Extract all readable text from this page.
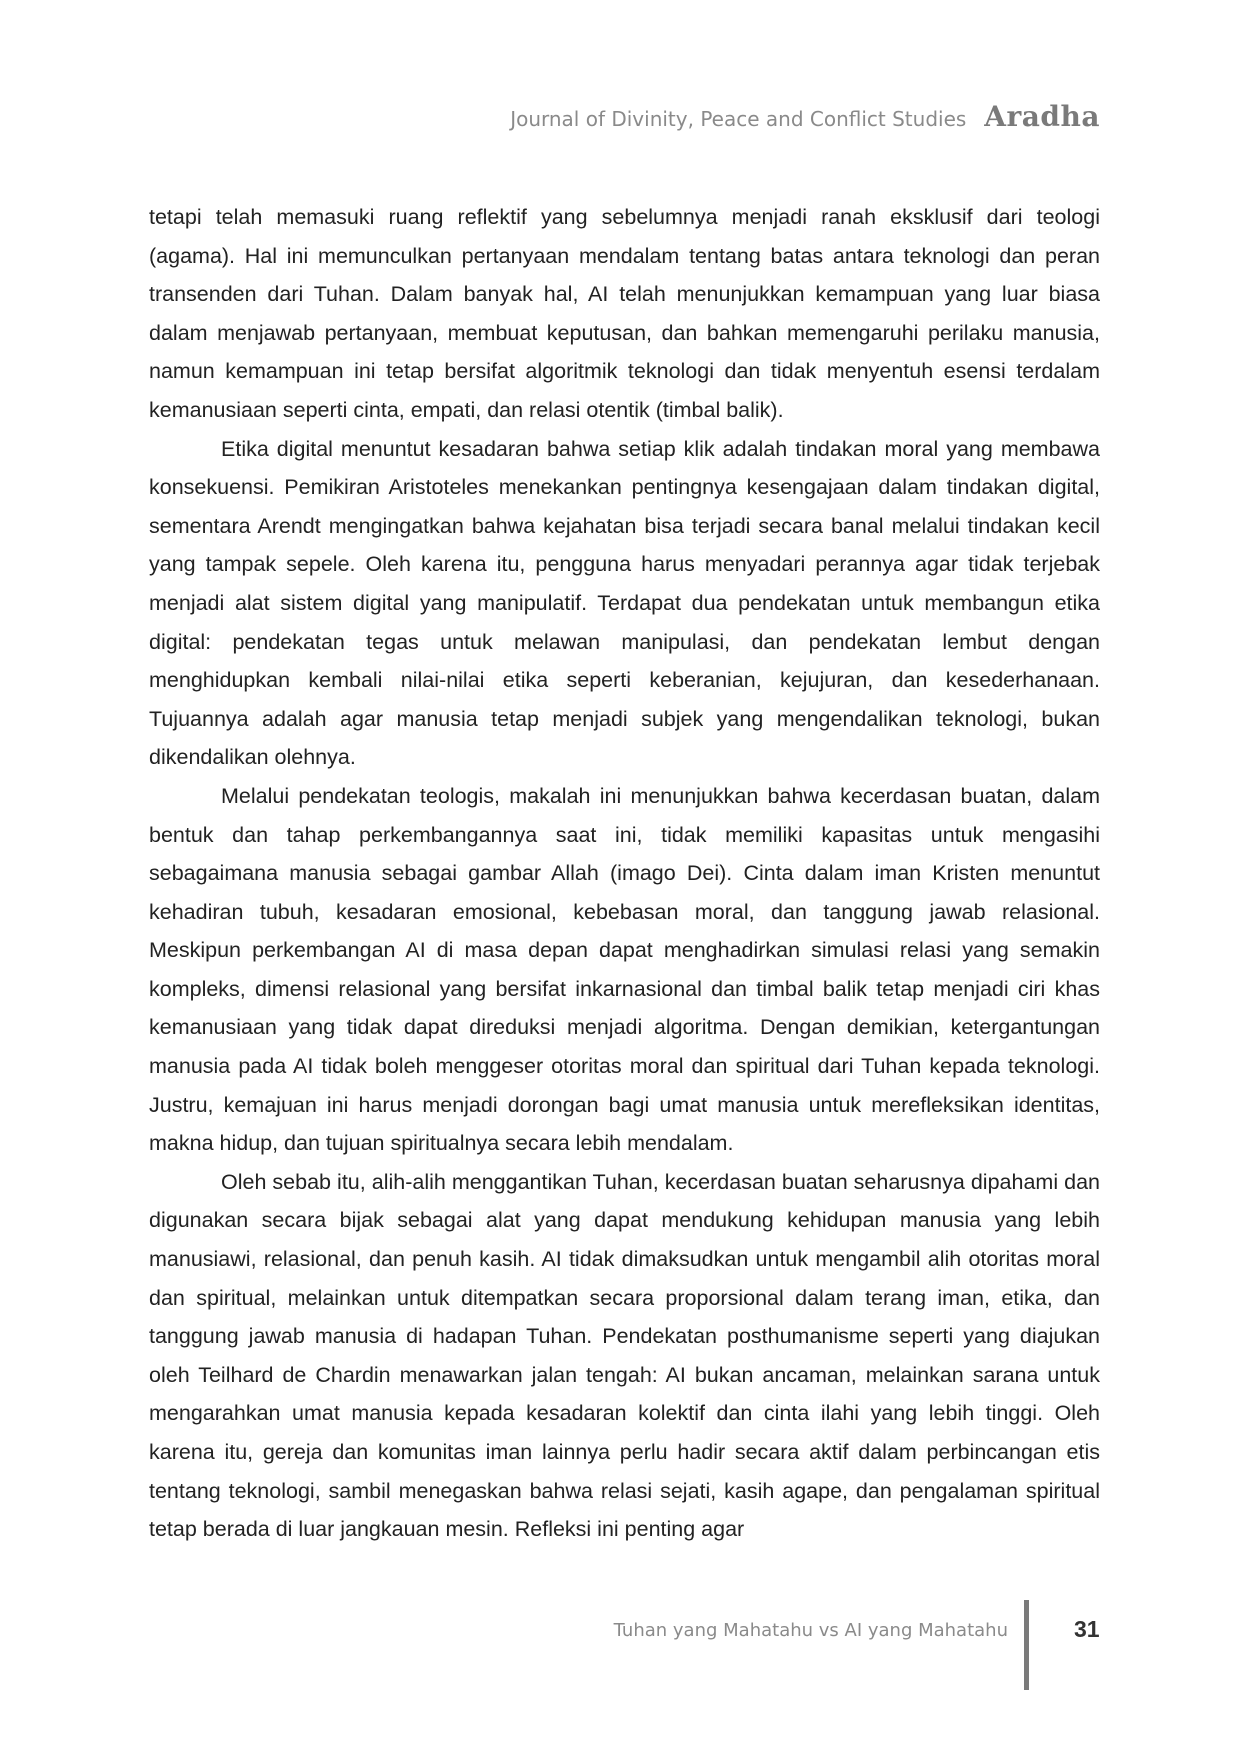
Journal of Divinity, Peace and Conflict Studies Aradha

tetapi telah memasuki ruang reflektif yang sebelumnya menjadi ranah eksklusif dari teologi (agama). Hal ini memunculkan pertanyaan mendalam tentang batas antara teknologi dan peran transenden dari Tuhan. Dalam banyak hal, AI telah menunjukkan kemampuan yang luar biasa dalam menjawab pertanyaan, membuat keputusan, dan bahkan memengaruhi perilaku manusia, namun kemampuan ini tetap bersifat algoritmik teknologi dan tidak menyentuh esensi terdalam kemanusiaan seperti cinta, empati, dan relasi otentik (timbal balik).

Etika digital menuntut kesadaran bahwa setiap klik adalah tindakan moral yang membawa konsekuensi. Pemikiran Aristoteles menekankan pentingnya kesengajaan dalam tindakan digital, sementara Arendt mengingatkan bahwa kejahatan bisa terjadi secara banal melalui tindakan kecil yang tampak sepele. Oleh karena itu, pengguna harus menyadari perannya agar tidak terjebak menjadi alat sistem digital yang manipulatif. Terdapat dua pendekatan untuk membangun etika digital: pendekatan tegas untuk melawan manipulasi, dan pendekatan lembut dengan menghidupkan kembali nilai-nilai etika seperti keberanian, kejujuran, dan kesederhanaan. Tujuannya adalah agar manusia tetap menjadi subjek yang mengendalikan teknologi, bukan dikendalikan olehnya.

Melalui pendekatan teologis, makalah ini menunjukkan bahwa kecerdasan buatan, dalam bentuk dan tahap perkembangannya saat ini, tidak memiliki kapasitas untuk mengasihi sebagaimana manusia sebagai gambar Allah (imago Dei). Cinta dalam iman Kristen menuntut kehadiran tubuh, kesadaran emosional, kebebasan moral, dan tanggung jawab relasional. Meskipun perkembangan AI di masa depan dapat menghadirkan simulasi relasi yang semakin kompleks, dimensi relasional yang bersifat inkarnasional dan timbal balik tetap menjadi ciri khas kemanusiaan yang tidak dapat direduksi menjadi algoritma. Dengan demikian, ketergantungan manusia pada AI tidak boleh menggeser otoritas moral dan spiritual dari Tuhan kepada teknologi. Justru, kemajuan ini harus menjadi dorongan bagi umat manusia untuk merefleksikan identitas, makna hidup, dan tujuan spiritualnya secara lebih mendalam.

Oleh sebab itu, alih-alih menggantikan Tuhan, kecerdasan buatan seharusnya dipahami dan digunakan secara bijak sebagai alat yang dapat mendukung kehidupan manusia yang lebih manusiawi, relasional, dan penuh kasih. AI tidak dimaksudkan untuk mengambil alih otoritas moral dan spiritual, melainkan untuk ditempatkan secara proporsional dalam terang iman, etika, dan tanggung jawab manusia di hadapan Tuhan. Pendekatan posthumanisme seperti yang diajukan oleh Teilhard de Chardin menawarkan jalan tengah: AI bukan ancaman, melainkan sarana untuk mengarahkan umat manusia kepada kesadaran kolektif dan cinta ilahi yang lebih tinggi. Oleh karena itu, gereja dan komunitas iman lainnya perlu hadir secara aktif dalam perbincangan etis tentang teknologi, sambil menegaskan bahwa relasi sejati, kasih agape, dan pengalaman spiritual tetap berada di luar jangkauan mesin. Refleksi ini penting agar

Tuhan yang Mahatahu vs AI yang Mahatahu	31
